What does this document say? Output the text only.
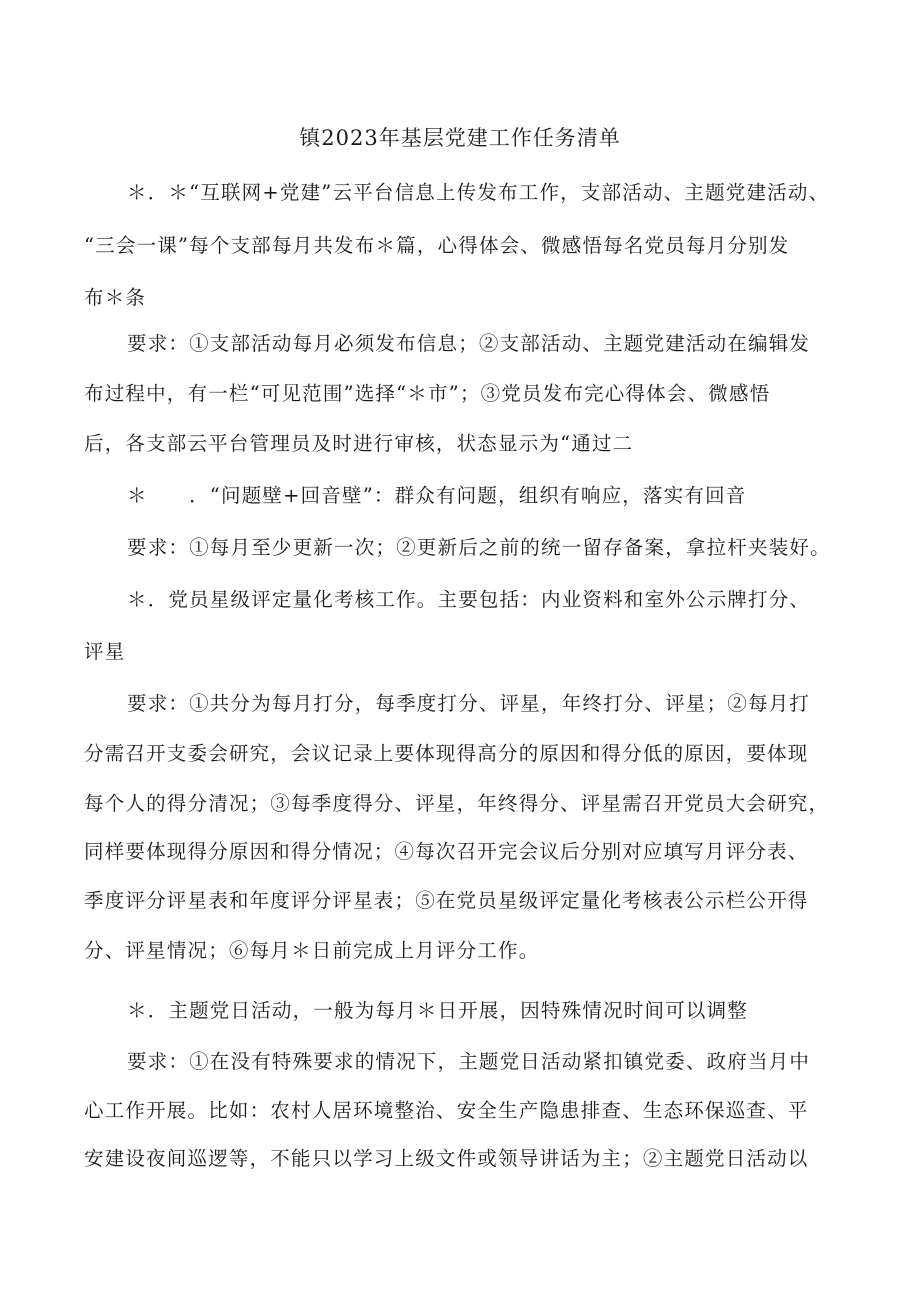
镇2023年基层党建工作任务清单
＊．＊“互联网+党建”云平台信息上传发布工作，支部活动、主题党建活动、
“三会一课”每个支部每月共发布＊篇，心得体会、微感悟每名党员每月分别发
布＊条
要求：①支部活动每月必须发布信息；②支部活动、主题党建活动在编辑发
布过程中，有一栏“可见范围”选择“＊市”；③党员发布完心得体会、微感悟
后，各支部云平台管理员及时进行审核，状态显示为“通过二
＊　　．“问题壁+回音壁”：群众有问题，组织有响应，落实有回音
要求：①每月至少更新一次；②更新后之前的统一留存备案，拿拉杆夹装好。
＊．党员星级评定量化考核工作。主要包括：内业资料和室外公示牌打分、
评星
要求：①共分为每月打分，每季度打分、评星，年终打分、评星；②每月打
分需召开支委会研究，会议记录上要体现得高分的原因和得分低的原因，要体现
每个人的得分清况；③每季度得分、评星，年终得分、评星需召开党员大会研究，
同样要体现得分原因和得分情况；④每次召开完会议后分别对应填写月评分表、
季度评分评星表和年度评分评星表；⑤在党员星级评定量化考核表公示栏公开得
分、评星情况；⑥每月＊日前完成上月评分工作。
＊．主题党日活动，一般为每月＊日开展，因特殊情况时间可以调整
要求：①在没有特殊要求的情况下，主题党日活动紧扣镇党委、政府当月中
心工作开展。比如：农村人居环境整治、安全生产隐患排查、生态环保巡查、平
安建设夜间巡逻等，不能只以学习上级文件或领导讲话为主；②主题党日活动以
